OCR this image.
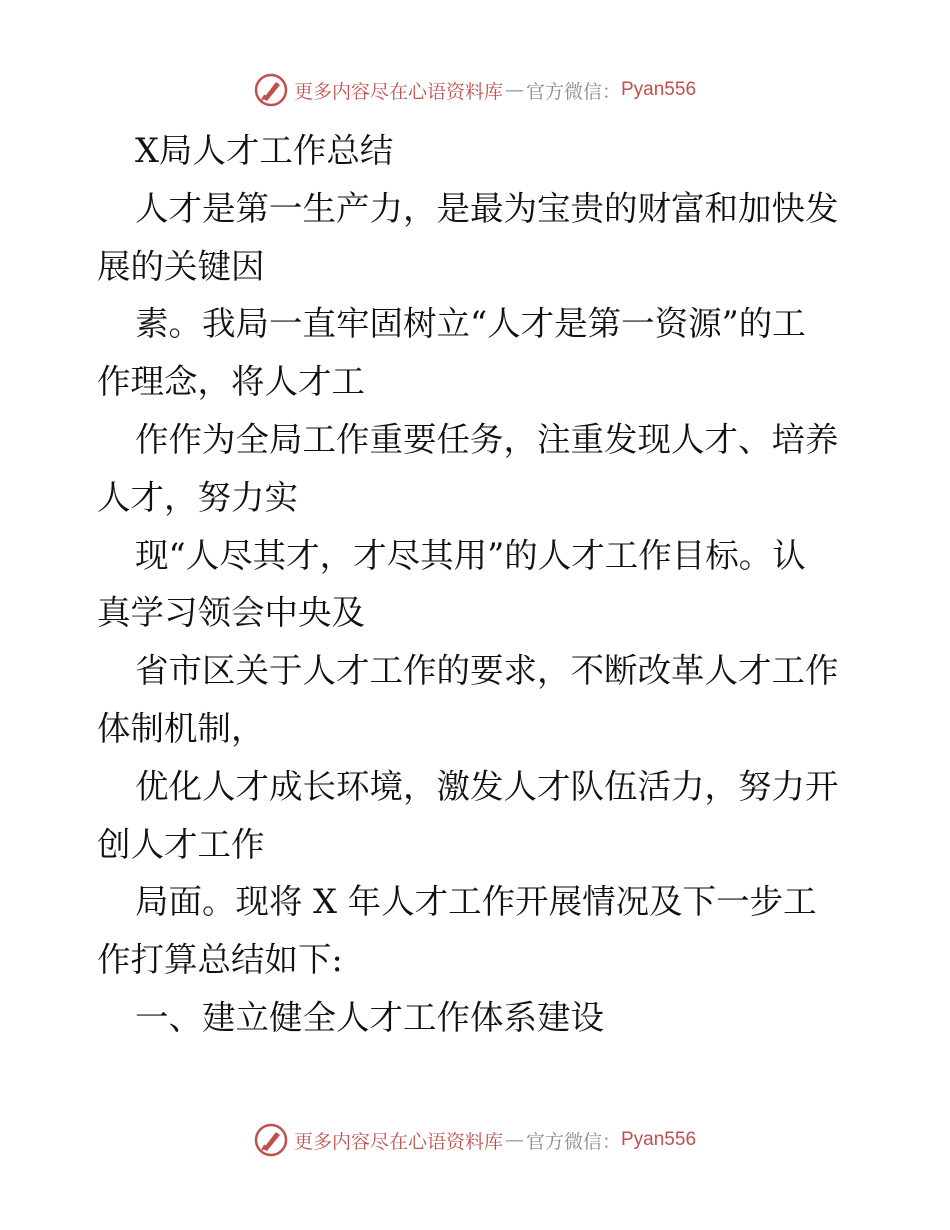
更多内容尽在心语资料库 — 官方微信： Pyan556

X局人才工作总结

人才是第一生产力，是最为宝贵的财富和加快发

展的关键因

素。我局一直牢固树立“人才是第一资源”的工

作理念，将人才工

作作为全局工作重要任务，注重发现人才、培养

人才，努力实

现“人尽其才，才尽其用”的人才工作目标。认

真学习领会中央及

省市区关于人才工作的要求，不断改革人才工作

体制机制，

优化人才成长环境，激发人才队伍活力，努力开

创人才工作

局面。现将 X 年人才工作开展情况及下一步工

作打算总结如下:

一、建立健全人才工作体系建设

更多内容尽在心语资料库 — 官方微信： Pyan556
